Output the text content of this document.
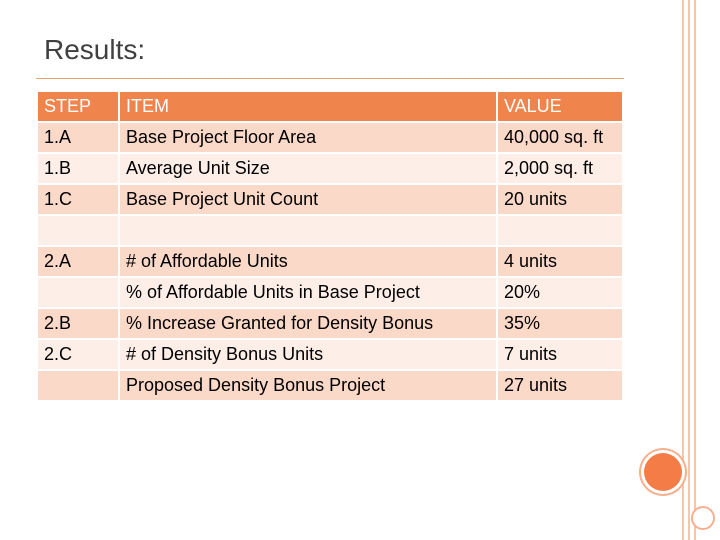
Results:
STEP	ITEM	VALUE
1.A	Base Project Floor Area	40,000 sq. ft
1.B	Average Unit Size	2,000 sq. ft
1.C	Base Project Unit Count	20 units

2.A	# of Affordable Units	4 units
	% of Affordable Units in Base Project	20%
2.B	% Increase Granted for Density Bonus	35%
2.C	# of Density Bonus Units	7 units
	Proposed Density Bonus Project	27 units
